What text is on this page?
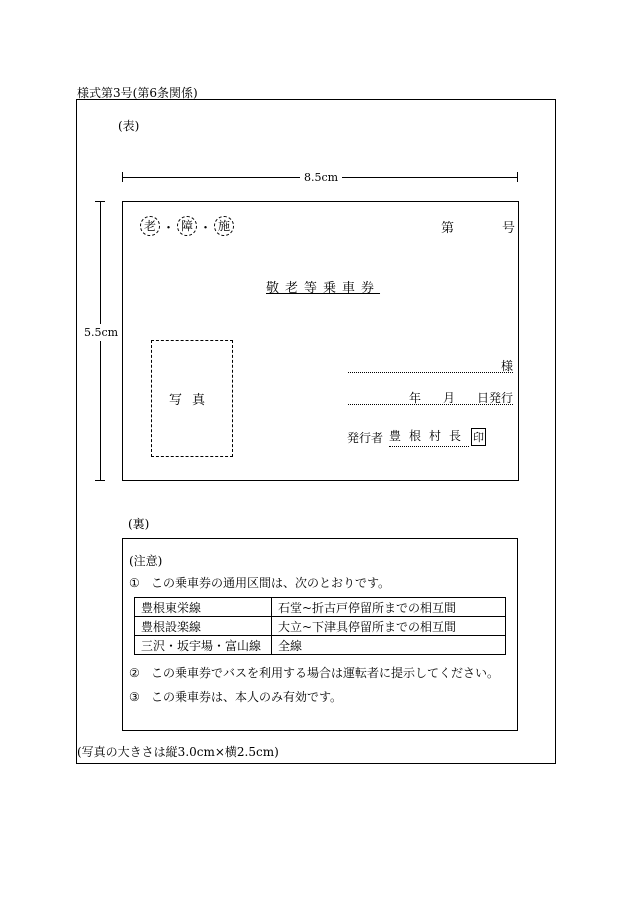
様式第3号(第6条関係)
(表)
8.5cm
5.5cm
老 ・ 障 ・ 施	第	号
敬老等乗車券
写真
様
年 月 日発行
発行者 豊根村長 印
(裏)
(注意)
① この乗車券の通用区間は、次のとおりです。
豊根東栄線	石堂~折古戸停留所までの相互間
豊根設楽線	大立~下津具停留所までの相互間
三沢・坂宇場・富山線	全線
② この乗車券でバスを利用する場合は運転者に提示してください。
③ この乗車券は、本人のみ有効です。
(写真の大きさは縦3.0cm×横2.5cm)
